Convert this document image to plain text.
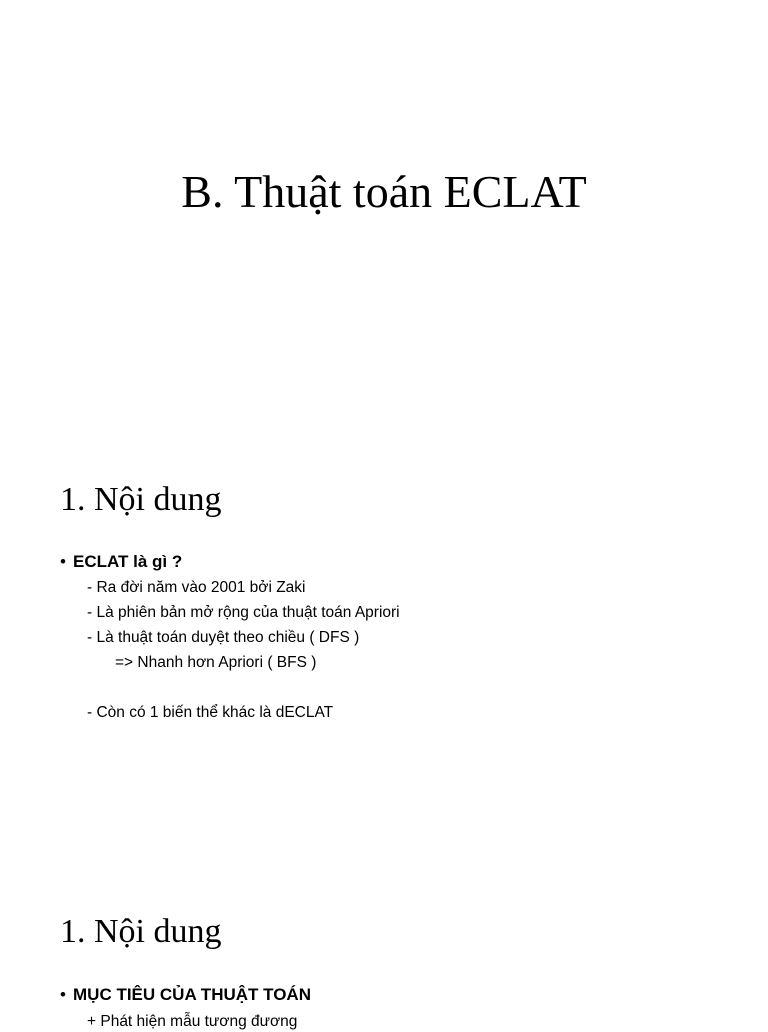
B. Thuật toán ECLAT
1. Nội dung
• ECLAT là gì ?
- Ra đời năm vào 2001 bởi Zaki
- Là phiên bản mở rộng của thuật toán Apriori
- Là thuật toán duyệt theo chiều ( DFS )
=> Nhanh hơn Apriori ( BFS )
- Còn có 1 biến thể khác là dECLAT
1. Nội dung
• MỤC TIÊU CỦA THUẬT TOÁN
+ Phát hiện mẫu tương đương
